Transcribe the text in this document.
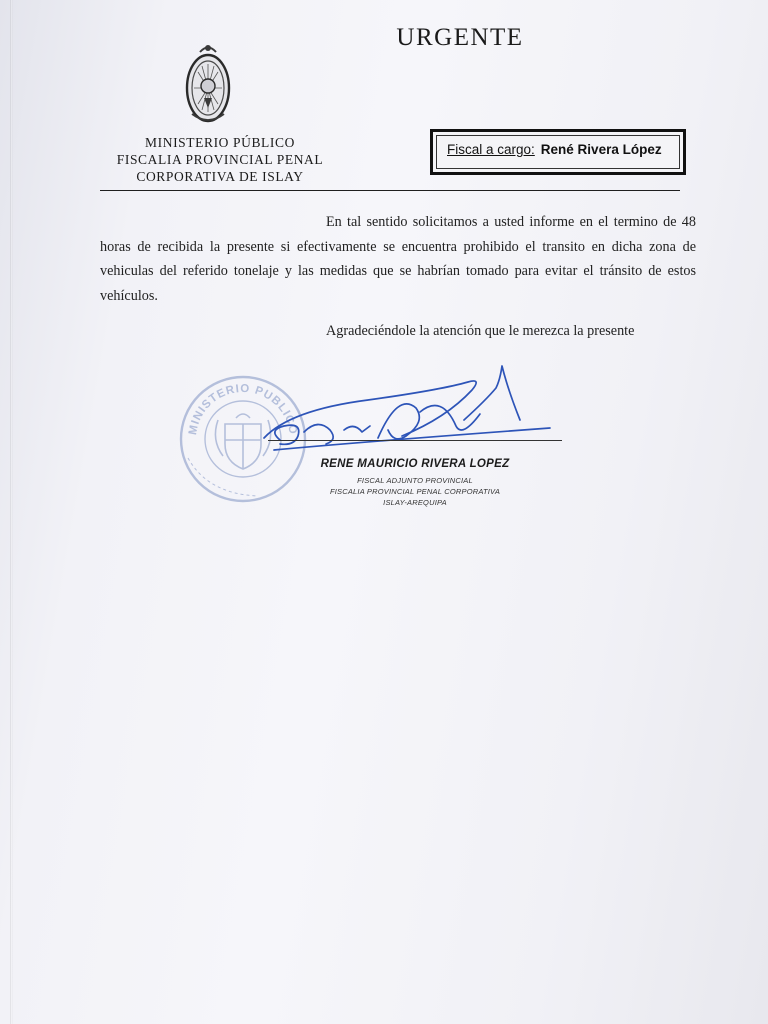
URGENTE
MINISTERIO PÚBLICO
FISCALIA PROVINCIAL PENAL
CORPORATIVA DE ISLAY
Fiscal a cargo: René Rivera López

En tal sentido solicitamos a usted informe en el termino de 48 horas de recibida la presente si efectivamente se encuentra prohibido el transito en dicha zona de vehiculas del referido tonelaje y las medidas que se habrían tomado para evitar el tránsito de estos vehículos.

Agradeciéndole la atención que le merezca la presente
MINISTERIO PUBLICO
RENE MAURICIO RIVERA LOPEZ
FISCAL ADJUNTO PROVINCIAL
FISCALIA PROVINCIAL PENAL CORPORATIVA
ISLAY-AREQUIPA
